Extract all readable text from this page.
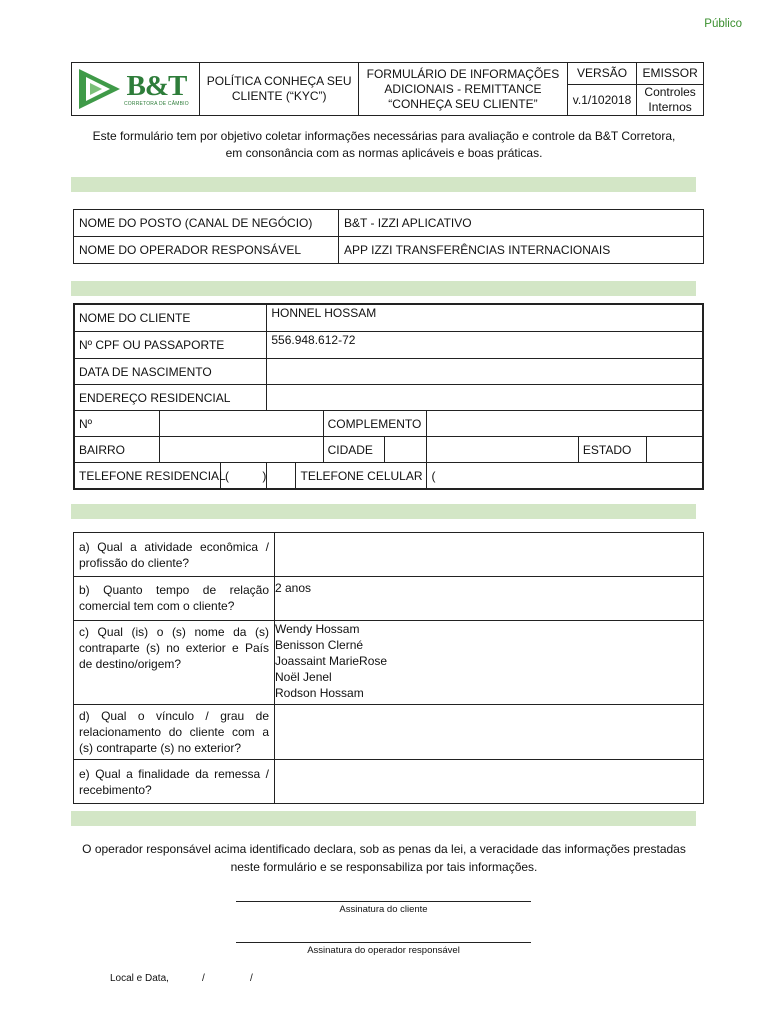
Público
B&T
CORRETORA DE CÂMBIO	POLÍTICA CONHEÇA SEU CLIENTE (“KYC”)	FORMULÁRIO DE INFORMAÇÕES ADICIONAIS - REMITTANCE “CONHEÇA SEU CLIENTE”	VERSÃO	EMISSOR
			v.1/102018	Controles Internos
Este formulário tem por objetivo coletar informações necessárias para avaliação e controle da B&T Corretora, em consonância com as normas aplicáveis e boas práticas.
NOME DO POSTO (CANAL DE NEGÓCIO)	B&T - IZZI APLICATIVO
NOME DO OPERADOR RESPONSÁVEL	APP IZZI TRANSFERÊNCIAS INTERNACIONAIS
NOME DO CLIENTE		HONNEL HOSSAM			
Nº CPF OU PASSAPORTE		556.948.612-72			
DATA DE NASCIMENTO					
ENDEREÇO RESIDENCIAL					
Nº			COMPLEMENTO		
BAIRRO			CIDADE	ESTADO	

TELEFONE RESIDENCIAL (          )		TELEFONE CELULAR		(	
a) Qual a atividade econômica / profissão do cliente?	
b) Quanto tempo de relação comercial tem com o cliente?	2 anos

c) Qual (is) o (s) nome da (s) contraparte (s) no exterior e País de destino/origem?	Wendy Hossam
Benisson Clerné
Joassaint MarieRose
Noël Jenel
Rodson Hossam

d) Qual o vínculo / grau de relacionamento do cliente com a (s) contraparte (s) no exterior?	
e) Qual a finalidade da remessa / recebimento?	
O operador responsável acima identificado declara, sob as penas da lei, a veracidade das informações prestadas neste formulário e se responsabiliza por tais informações.
Assinatura do cliente
Assinatura do operador responsável
Local e Data,	/	/
